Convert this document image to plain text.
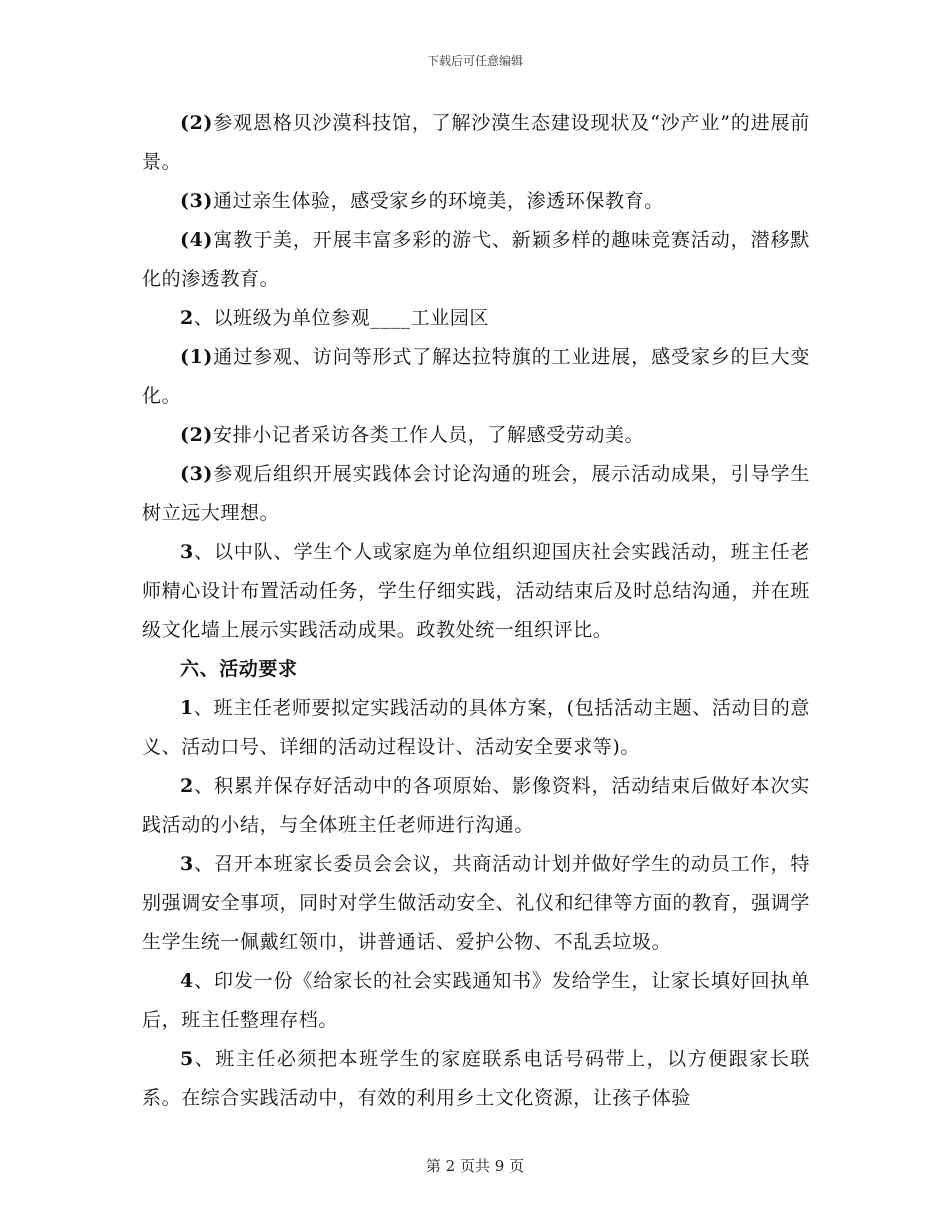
下载后可任意编辑

(2)参观恩格贝沙漠科技馆，了解沙漠生态建设现状及“沙产业”的进展前景。

(3)通过亲生体验，感受家乡的环境美，渗透环保教育。

(4)寓教于美，开展丰富多彩的游弋、新颖多样的趣味竞赛活动，潜移默化的渗透教育。

2、以班级为单位参观____工业园区

(1)通过参观、访问等形式了解达拉特旗的工业进展，感受家乡的巨大变化。

(2)安排小记者采访各类工作人员，了解感受劳动美。

(3)参观后组织开展实践体会讨论沟通的班会，展示活动成果，引导学生树立远大理想。

3、以中队、学生个人或家庭为单位组织迎国庆社会实践活动，班主任老师精心设计布置活动任务，学生仔细实践，活动结束后及时总结沟通，并在班级文化墙上展示实践活动成果。政教处统一组织评比。

六、活动要求

1、班主任老师要拟定实践活动的具体方案，(包括活动主题、活动目的意义、活动口号、详细的活动过程设计、活动安全要求等)。

2、积累并保存好活动中的各项原始、影像资料，活动结束后做好本次实践活动的小结，与全体班主任老师进行沟通。

3、召开本班家长委员会会议，共商活动计划并做好学生的动员工作，特别强调安全事项，同时对学生做活动安全、礼仪和纪律等方面的教育，强调学生学生统一佩戴红领巾，讲普通话、爱护公物、不乱丢垃圾。

4、印发一份《给家长的社会实践通知书》发给学生，让家长填好回执单后，班主任整理存档。

5、班主任必须把本班学生的家庭联系电话号码带上，以方便跟家长联系。在综合实践活动中，有效的利用乡土文化资源，让孩子体验

第 2 页共 9 页
